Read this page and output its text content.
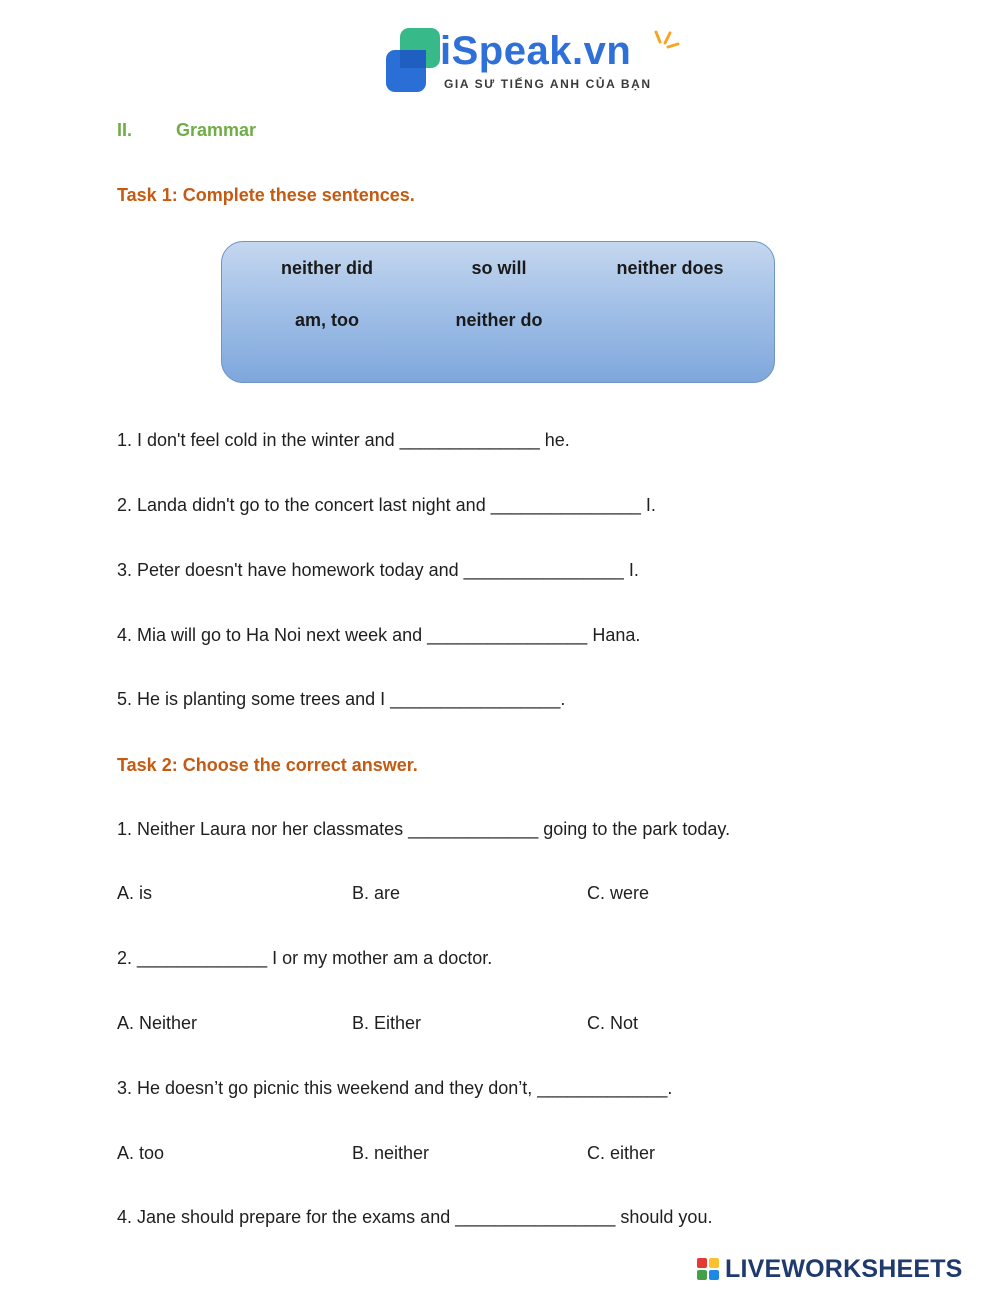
iSpeak.vn
GIA SƯ TIẾNG ANH CỦA BẠN
II. Grammar
Task 1: Complete these sentences.
neither did	so will	neither does
am, too	neither do
1. I don't feel cold in the winter and ______________ he.
2. Landa didn't go to the concert last night and _______________ I.
3. Peter doesn't have homework today and ________________ I.
4. Mia will go to Ha Noi next week and ________________ Hana.
5. He is planting some trees and I _________________.
Task 2: Choose the correct answer.
1. Neither Laura nor her classmates _____________ going to the park today.
A. is	B. are	C. were
2. _____________ I or my mother am a doctor.
A. Neither	B. Either	C. Not
3. He doesn’t go picnic this weekend and they don’t, _____________.
A. too	B. neither	C. either
4. Jane should prepare for the exams and ________________ should you.
LIVEWORKSHEETS
